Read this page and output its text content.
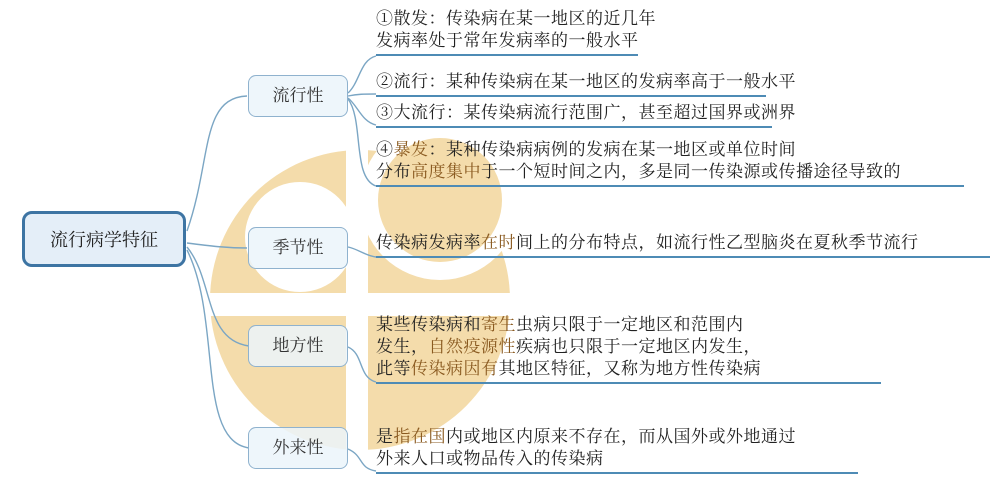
流行病学特征
流行性
季节性
地方性
外来性
①散发：传染病在某一地区的近几年
发病率处于常年发病率的一般水平
②流行：某种传染病在某一地区的发病率高于一般水平
③大流行：某传染病流行范围广，甚至超过国界或洲界
④暴发：某种传染病病例的发病在某一地区或单位时间
分布高度集中于一个短时间之内，多是同一传染源或传播途径导致的
传染病发病率在时间上的分布特点，如流行性乙型脑炎在夏秋季节流行
某些传染病和寄生虫病只限于一定地区和范围内
发生，自然疫源性疾病也只限于一定地区内发生，
此等传染病因有其地区特征，又称为地方性传染病
是指在国内或地区内原来不存在，而从国外或外地通过
外来人口或物品传入的传染病
